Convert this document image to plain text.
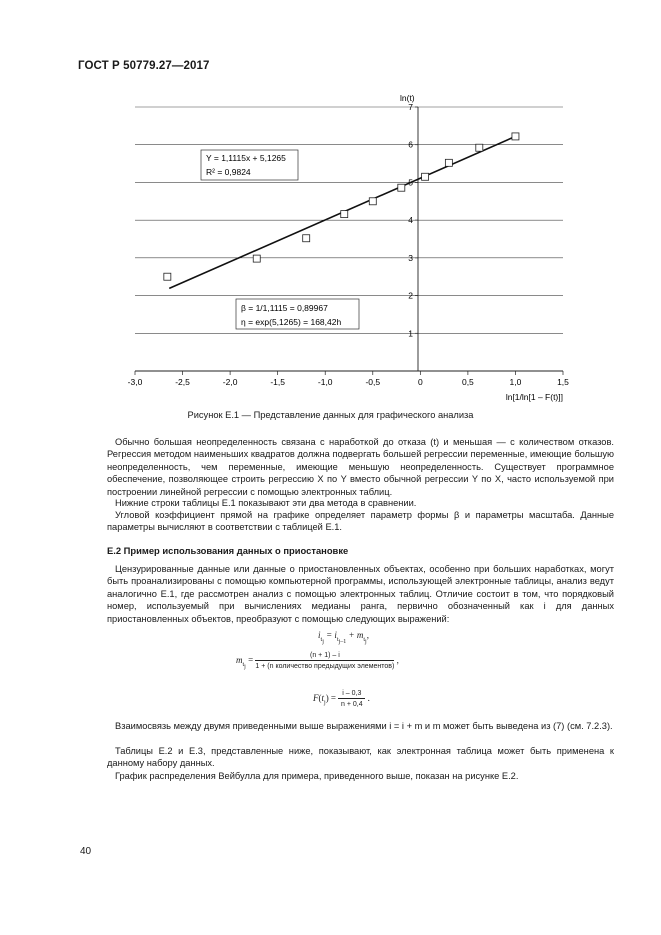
ГОСТ Р 50779.27—2017
-3,0	-2,5	-2,0	-1,5	-1,0	-0,5	0	0,5	1,0	1,5
1
2
3
4
6
7
ln(t)
ln[1/ln[1 – F(t)]]
Y = 1,1115x + 5,1265
R² = 0,9824
β = 1/1,1115 = 0,89967
η = exp(5,1265) = 168,42h
Рисунок Е.1 — Представление данных для графического анализа
Обычно большая неопределенность связана с наработкой до отказа (t) и меньшая — с количеством отказов. Регрессия методом наименьших квадратов должна подвергать большей регрессии переменные, имеющие большую неопределенность, чем переменные, имеющие меньшую неопределенность. Существует программное обеспечение, позволяющее строить регрессию X по Y вместо обычной регрессии Y по X, часто используемой при построении линейной регрессии с помощью электронных таблиц.
Нижние строки таблицы Е.1 показывают эти два метода в сравнении.
Угловой коэффициент прямой на графике определяет параметр формы β и параметры масштаба. Данные параметры вычисляют в соответствии с таблицей Е.1.
Е.2 Пример использования данных о приостановке
Цензурированные данные или данные о приостановленных объектах, особенно при больших наработках, могут быть проанализированы с помощью компьютерной программы, использующей электронные таблицы, анализ ведут аналогично Е.1, где рассмотрен анализ с помощью электронных таблиц. Отличие состоит в том, что порядковый номер, используемый при вычислениях медианы ранга, первично обозначенный как i для данных приостановленных объектов, преобразуют с помощью следующих выражений:
$i_{t_j} = i_{t_{j-1}} + m_{t_j}$,
$m_{t_j} = \frac{(n + 1) - i}{\text{1 + (n количество предыдущих элементов)}}$ ,
$F(t_j) = \frac{i - 0,3}{n + 0,4}$ .
Взаимосвязь между двумя приведенными выше выражениями i = i + m и m может быть выведена из (7) (см. 7.2.3).
Таблицы Е.2 и Е.3, представленные ниже, показывают, как электронная таблица может быть применена к данному набору данных.
График распределения Вейбулла для примера, приведенного выше, показан на рисунке Е.2.
40
